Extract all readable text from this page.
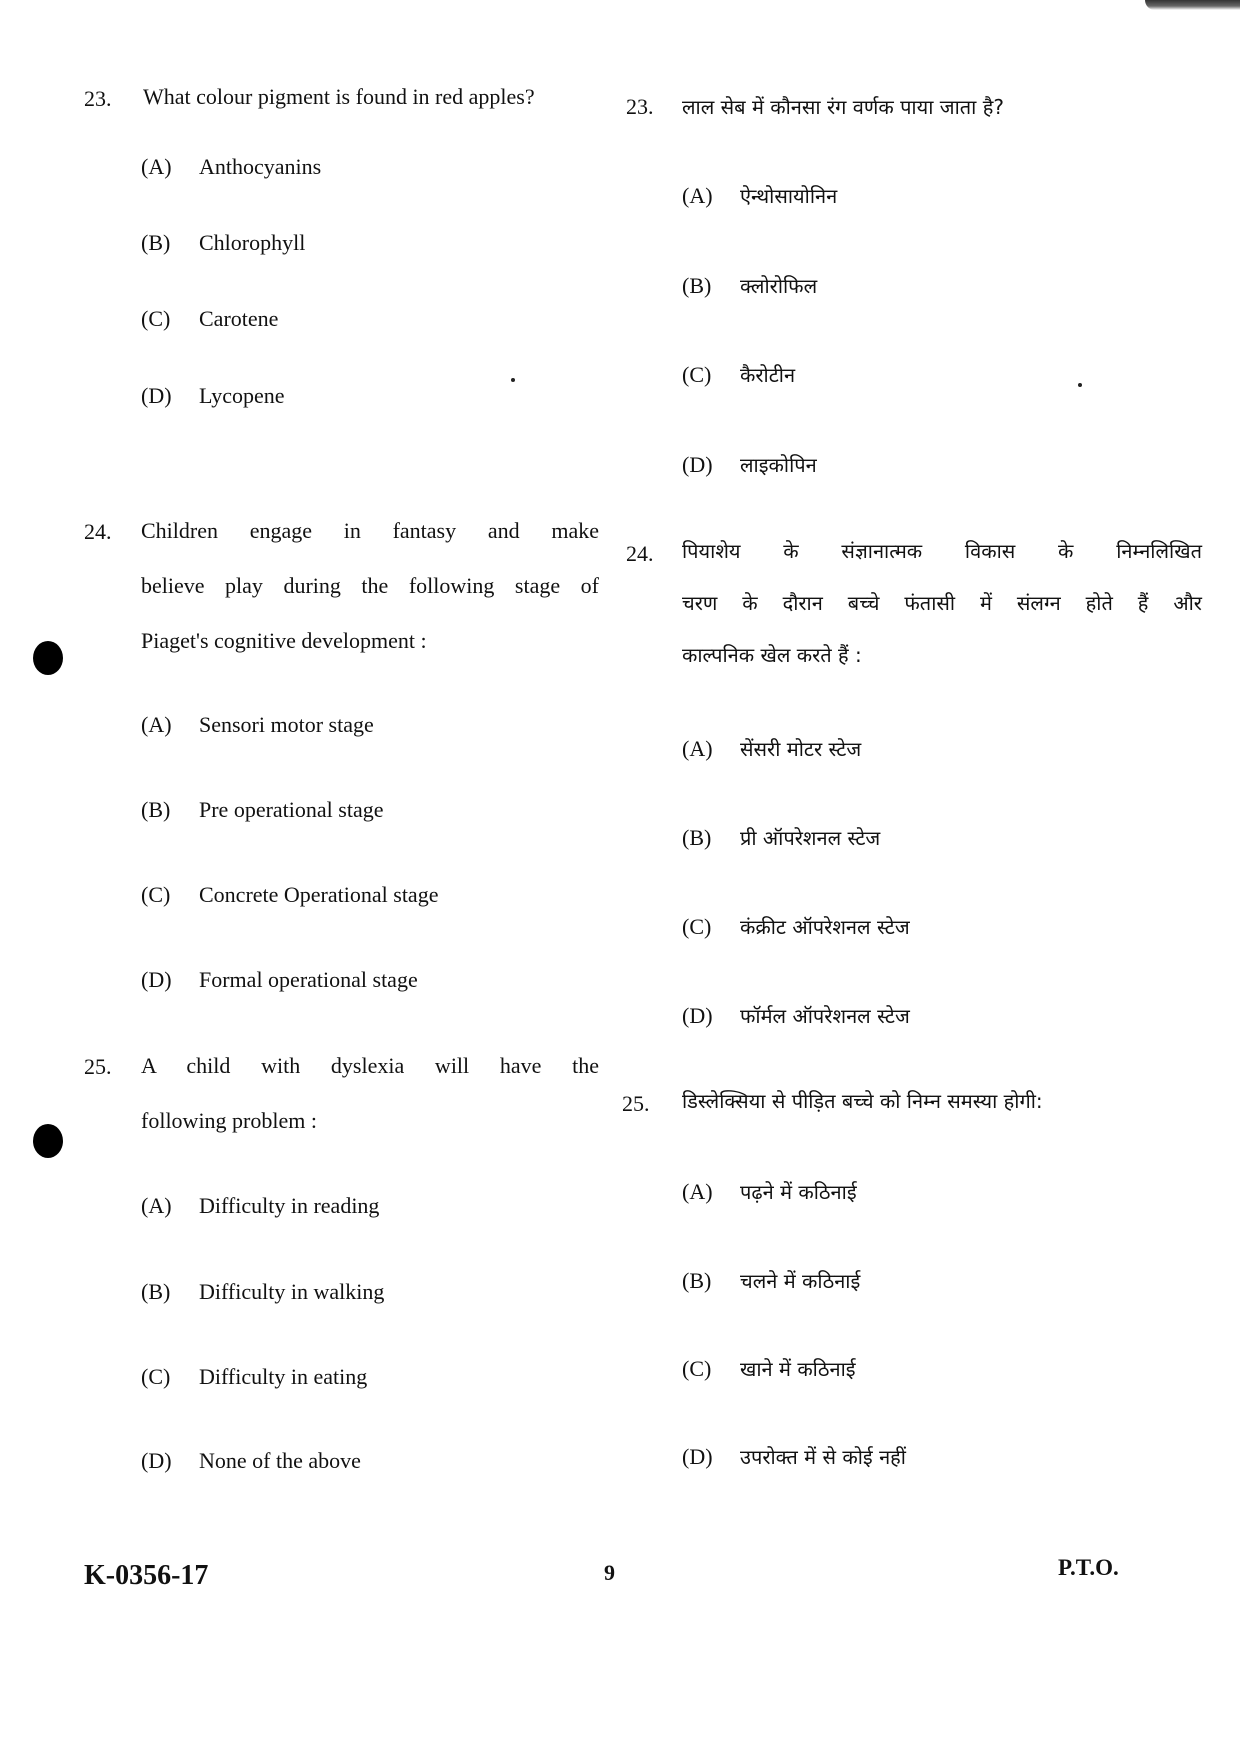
23. What colour pigment is found in red apples?
(A) Anthocyanins
(B) Chlorophyll
(C) Carotene
(D) Lycopene
24. Children engage in fantasy and make
believe play during the following stage of
Piaget's cognitive development :
(A) Sensori motor stage
(B) Pre operational stage
(C) Concrete Operational stage
(D) Formal operational stage
25. A child with dyslexia will have the
following problem :
(A) Difficulty in reading
(B) Difficulty in walking
(C) Difficulty in eating
(D) None of the above
23. लाल सेब में कौनसा रंग वर्णक पाया जाता है?
(A) ऐन्थोसायोनिन
(B) क्लोरोफिल
(C) कैरोटीन
(D) लाइकोपिन
24. पियाशेय के संज्ञानात्मक विकास के निम्नलिखित
चरण के दौरान बच्चे फंतासी में संलग्न होते हैं और
काल्पनिक खेल करते हैं :
(A) सेंसरी मोटर स्टेज
(B) प्री ऑपरेशनल स्टेज
(C) कंक्रीट ऑपरेशनल स्टेज
(D) फॉर्मल ऑपरेशनल स्टेज
25. डिस्लेक्सिया से पीड़ित बच्चे को निम्न समस्या होगी:
(A) पढ़ने में कठिनाई
(B) चलने में कठिनाई
(C) खाने में कठिनाई
(D) उपरोक्त में से कोई नहीं
K-0356-17	9	P.T.O.
